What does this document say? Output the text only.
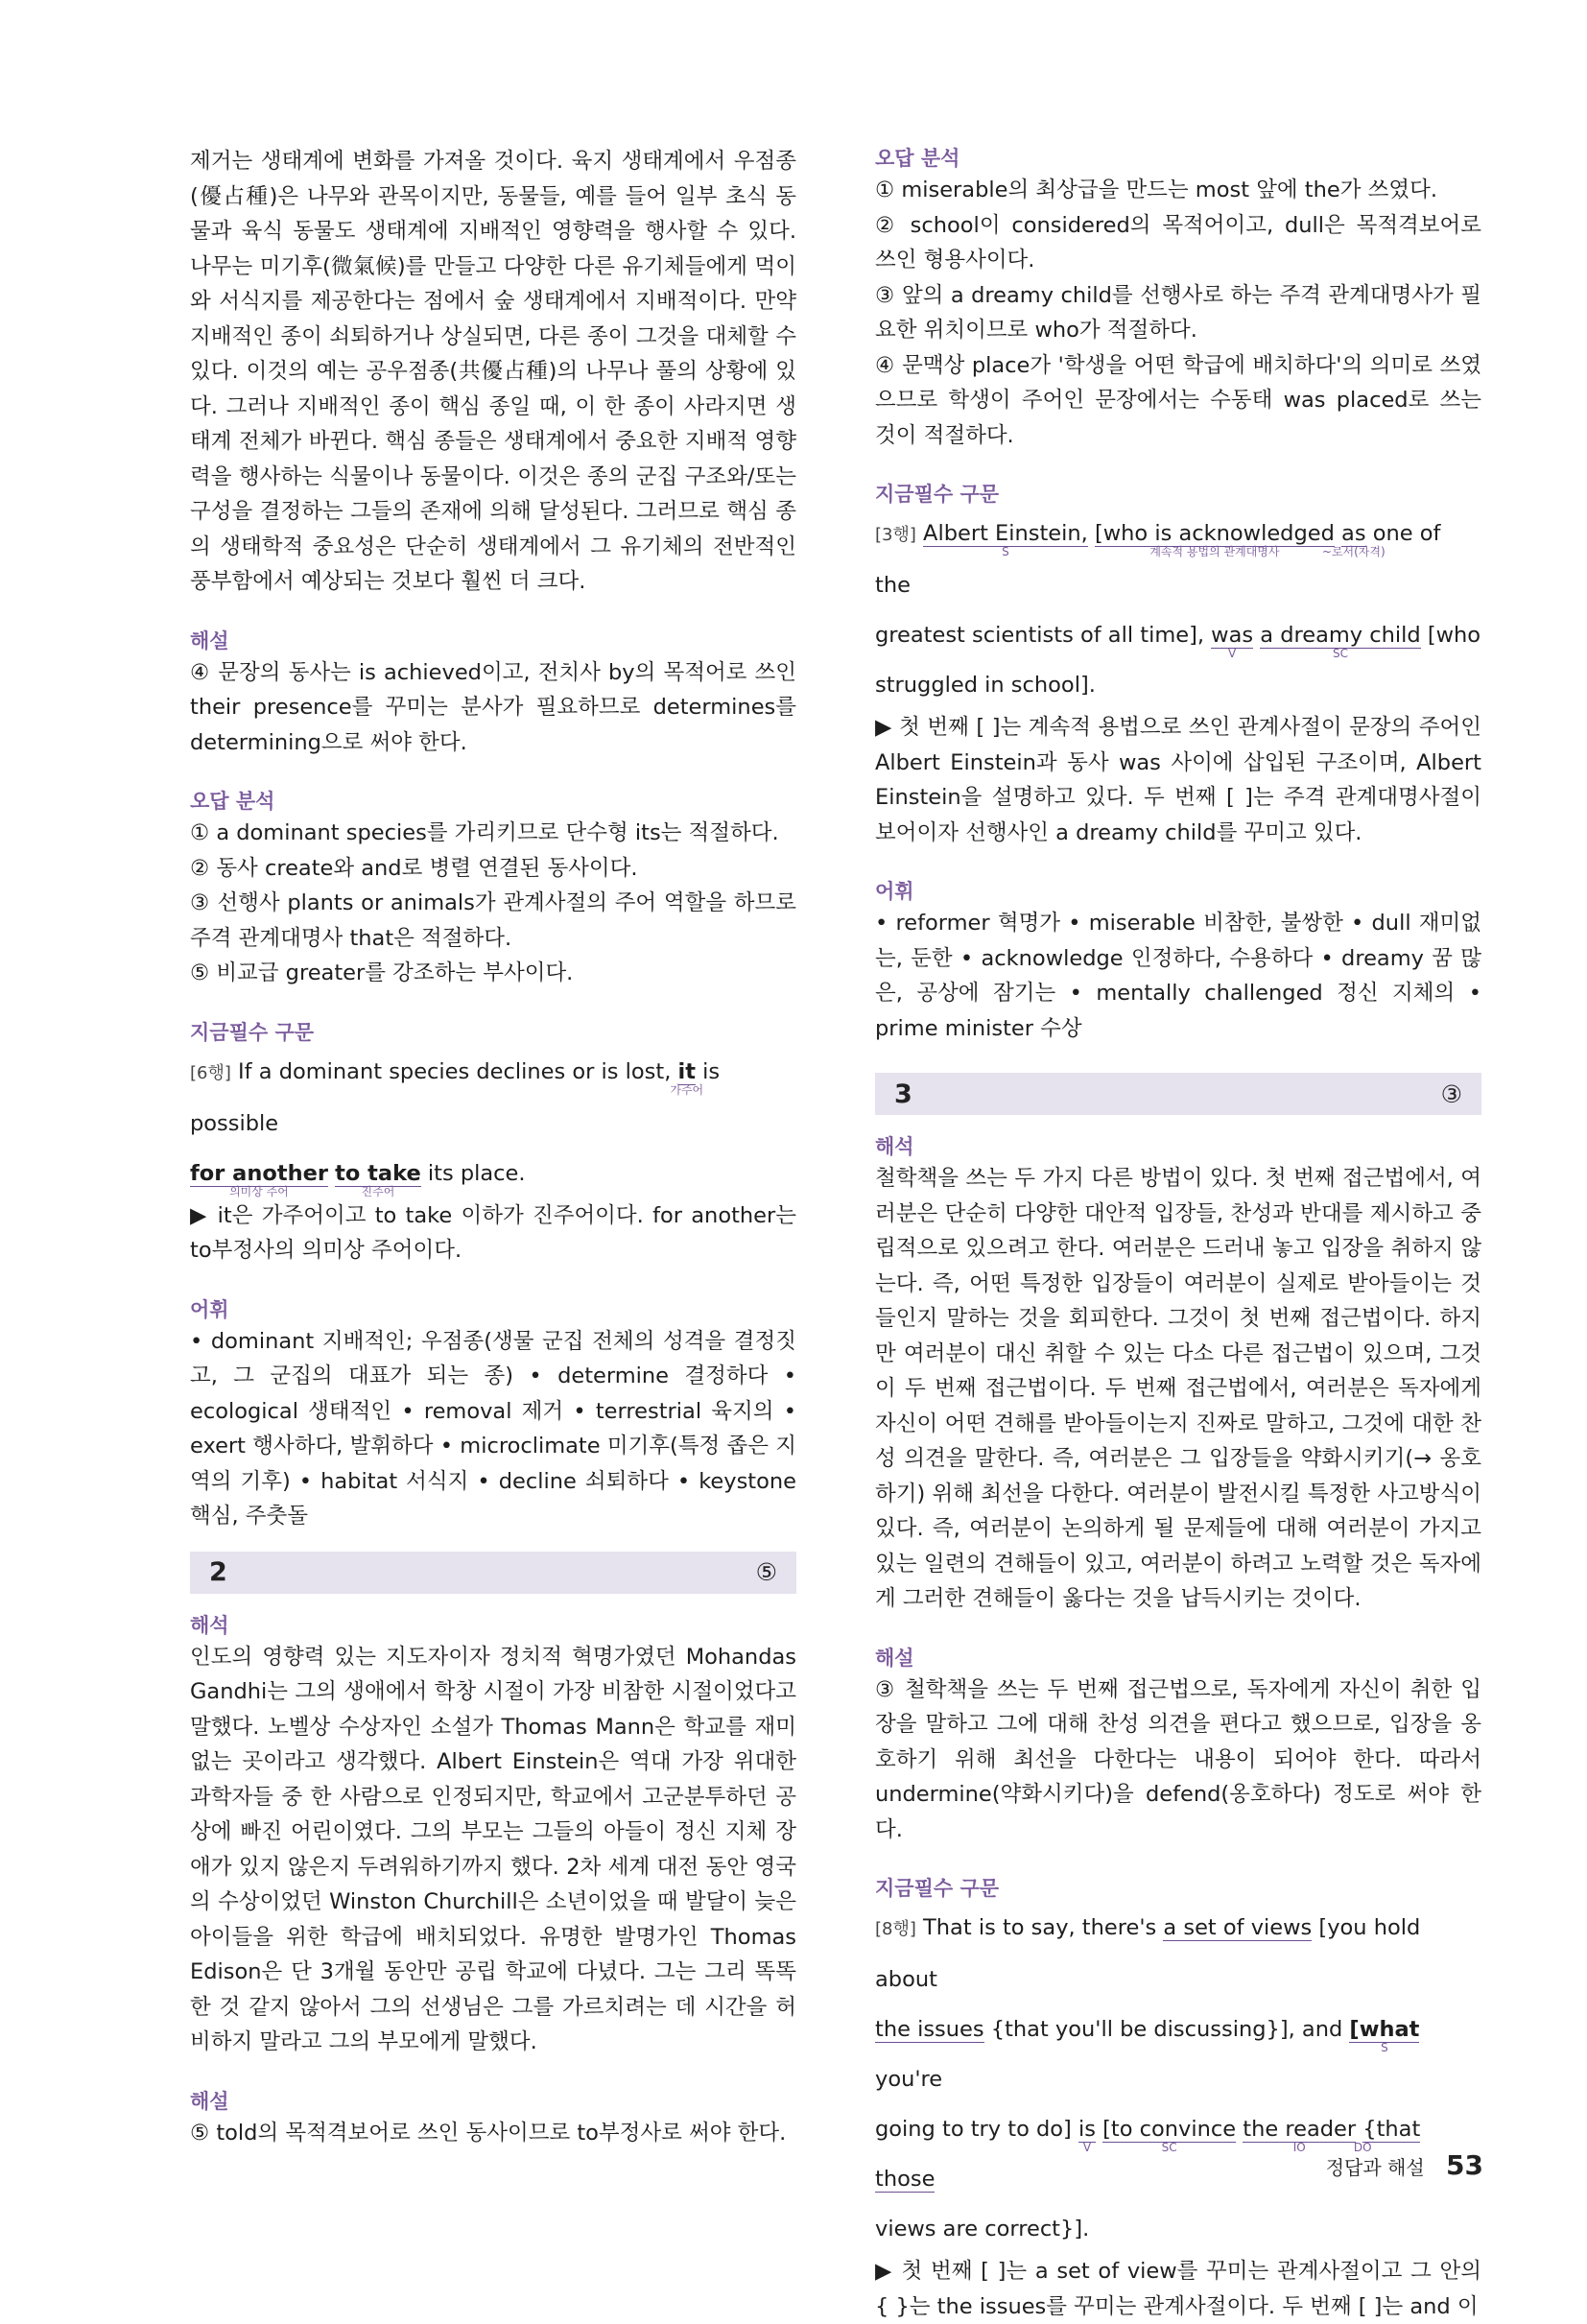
제거는 생태계에 변화를 가져올 것이다. 육지 생태계에서 우점종(優占種)은 나무와 관목이지만, 동물들, 예를 들어 일부 초식 동물과 육식 동물도 생태계에 지배적인 영향력을 행사할 수 있다. 나무는 미기후(微氣候)를 만들고 다양한 다른 유기체들에게 먹이와 서식지를 제공한다는 점에서 숲 생태계에서 지배적이다. 만약 지배적인 종이 쇠퇴하거나 상실되면, 다른 종이 그것을 대체할 수 있다. 이것의 예는 공우점종(共優占種)의 나무나 풀의 상황에 있다. 그러나 지배적인 종이 핵심 종일 때, 이 한 종이 사라지면 생태계 전체가 바뀐다. 핵심 종들은 생태계에서 중요한 지배적 영향력을 행사하는 식물이나 동물이다. 이것은 종의 군집 구조와/또는 구성을 결정하는 그들의 존재에 의해 달성된다. 그러므로 핵심 종의 생태학적 중요성은 단순히 생태계에서 그 유기체의 전반적인 풍부함에서 예상되는 것보다 훨씬 더 크다.

해설

④ 문장의 동사는 is achieved이고, 전치사 by의 목적어로 쓰인 their presence를 꾸미는 분사가 필요하므로 determines를 determining으로 써야 한다.

오답 분석

① a dominant species를 가리키므로 단수형 its는 적절하다.

② 동사 create와 and로 병렬 연결된 동사이다.

③ 선행사 plants or animals가 관계사절의 주어 역할을 하므로 주격 관계대명사 that은 적절하다.

⑤ 비교급 greater를 강조하는 부사이다.

지금필수 구문

[6행] If a dominant species declines or is lost, it
가주어
is possible
for another
의미상 주어
to take
진주어
its place.

▶ it은 가주어이고 to take 이하가 진주어이다. for another는 to부정사의 의미상 주어이다.

어휘

• dominant 지배적인; 우점종(생물 군집 전체의 성격을 결정짓고, 그 군집의 대표가 되는 종) • determine 결정하다 • ecological 생태적인 • removal 제거 • terrestrial 육지의 • exert 행사하다, 발휘하다 • microclimate 미기후(특정 좁은 지역의 기후) • habitat 서식지 • decline 쇠퇴하다 • keystone 핵심, 주춧돌

2	⑤

해석

인도의 영향력 있는 지도자이자 정치적 혁명가였던 Mohandas Gandhi는 그의 생애에서 학창 시절이 가장 비참한 시절이었다고 말했다. 노벨상 수상자인 소설가 Thomas Mann은 학교를 재미없는 곳이라고 생각했다. Albert Einstein은 역대 가장 위대한 과학자들 중 한 사람으로 인정되지만, 학교에서 고군분투하던 공상에 빠진 어린이였다. 그의 부모는 그들의 아들이 정신 지체 장애가 있지 않은지 두려워하기까지 했다. 2차 세계 대전 동안 영국의 수상이었던 Winston Churchill은 소년이었을 때 발달이 늦은 아이들을 위한 학급에 배치되었다. 유명한 발명가인 Thomas Edison은 단 3개월 동안만 공립 학교에 다녔다. 그는 그리 똑똑한 것 같지 않아서 그의 선생님은 그를 가르치려는 데 시간을 허비하지 말라고 그의 부모에게 말했다.

해설

⑤ told의 목적격보어로 쓰인 동사이므로 to부정사로 써야 한다.

오답 분석

① miserable의 최상급을 만드는 most 앞에 the가 쓰였다.

② school이 considered의 목적어이고, dull은 목적격보어로 쓰인 형용사이다.

③ 앞의 a dreamy child를 선행사로 하는 주격 관계대명사가 필요한 위치이므로 who가 적절하다.

④ 문맥상 place가 '학생을 어떤 학급에 배치하다'의 의미로 쓰였으므로 학생이 주어인 문장에서는 수동태 was placed로 쓰는 것이 적절하다.

지금필수 구문

[3행] Albert Einstein,
S
[who is acknowledged
계속적 용법의 관계대명사
as
~로서(자격)
one of the
greatest scientists of all time], was
V
a dreamy child
SC
[who
struggled in school].

▶ 첫 번째 [ ]는 계속적 용법으로 쓰인 관계사절이 문장의 주어인 Albert Einstein과 동사 was 사이에 삽입된 구조이며, Albert Einstein을 설명하고 있다. 두 번째 [ ]는 주격 관계대명사절이 보어이자 선행사인 a dreamy child를 꾸미고 있다.

어휘

• reformer 혁명가 • miserable 비참한, 불쌍한 • dull 재미없는, 둔한 • acknowledge 인정하다, 수용하다 • dreamy 꿈 많은, 공상에 잠기는 • mentally challenged 정신 지체의 • prime minister 수상

3	③

해석

철학책을 쓰는 두 가지 다른 방법이 있다. 첫 번째 접근법에서, 여러분은 단순히 다양한 대안적 입장들, 찬성과 반대를 제시하고 중립적으로 있으려고 한다. 여러분은 드러내 놓고 입장을 취하지 않는다. 즉, 어떤 특정한 입장들이 여러분이 실제로 받아들이는 것들인지 말하는 것을 회피한다. 그것이 첫 번째 접근법이다. 하지만 여러분이 대신 취할 수 있는 다소 다른 접근법이 있으며, 그것이 두 번째 접근법이다. 두 번째 접근법에서, 여러분은 독자에게 자신이 어떤 견해를 받아들이는지 진짜로 말하고, 그것에 대한 찬성 의견을 말한다. 즉, 여러분은 그 입장들을 약화시키기(→ 옹호하기) 위해 최선을 다한다. 여러분이 발전시킬 특정한 사고방식이 있다. 즉, 여러분이 논의하게 될 문제들에 대해 여러분이 가지고 있는 일련의 견해들이 있고, 여러분이 하려고 노력할 것은 독자에게 그러한 견해들이 옳다는 것을 납득시키는 것이다.

해설

③ 철학책을 쓰는 두 번째 접근법으로, 독자에게 자신이 취한 입장을 말하고 그에 대해 찬성 의견을 편다고 했으므로, 입장을 옹호하기 위해 최선을 다한다는 내용이 되어야 한다. 따라서 undermine(약화시키다)을 defend(옹호하다) 정도로 써야 한다.

지금필수 구문

[8행] That is to say, there's a set of views [you hold about
the issues {that you'll be discussing}], and [what
S
you're
going to try to do] is
V
[to convince
SC
the reader
IO
{that those
DO

views are correct}].

▶ 첫 번째 [ ]는 a set of view를 꾸미는 관계사절이고 그 안의 { }는 the issues를 꾸미는 관계사절이다. 두 번째 [ ]는 and 이

정답과 해설 53
